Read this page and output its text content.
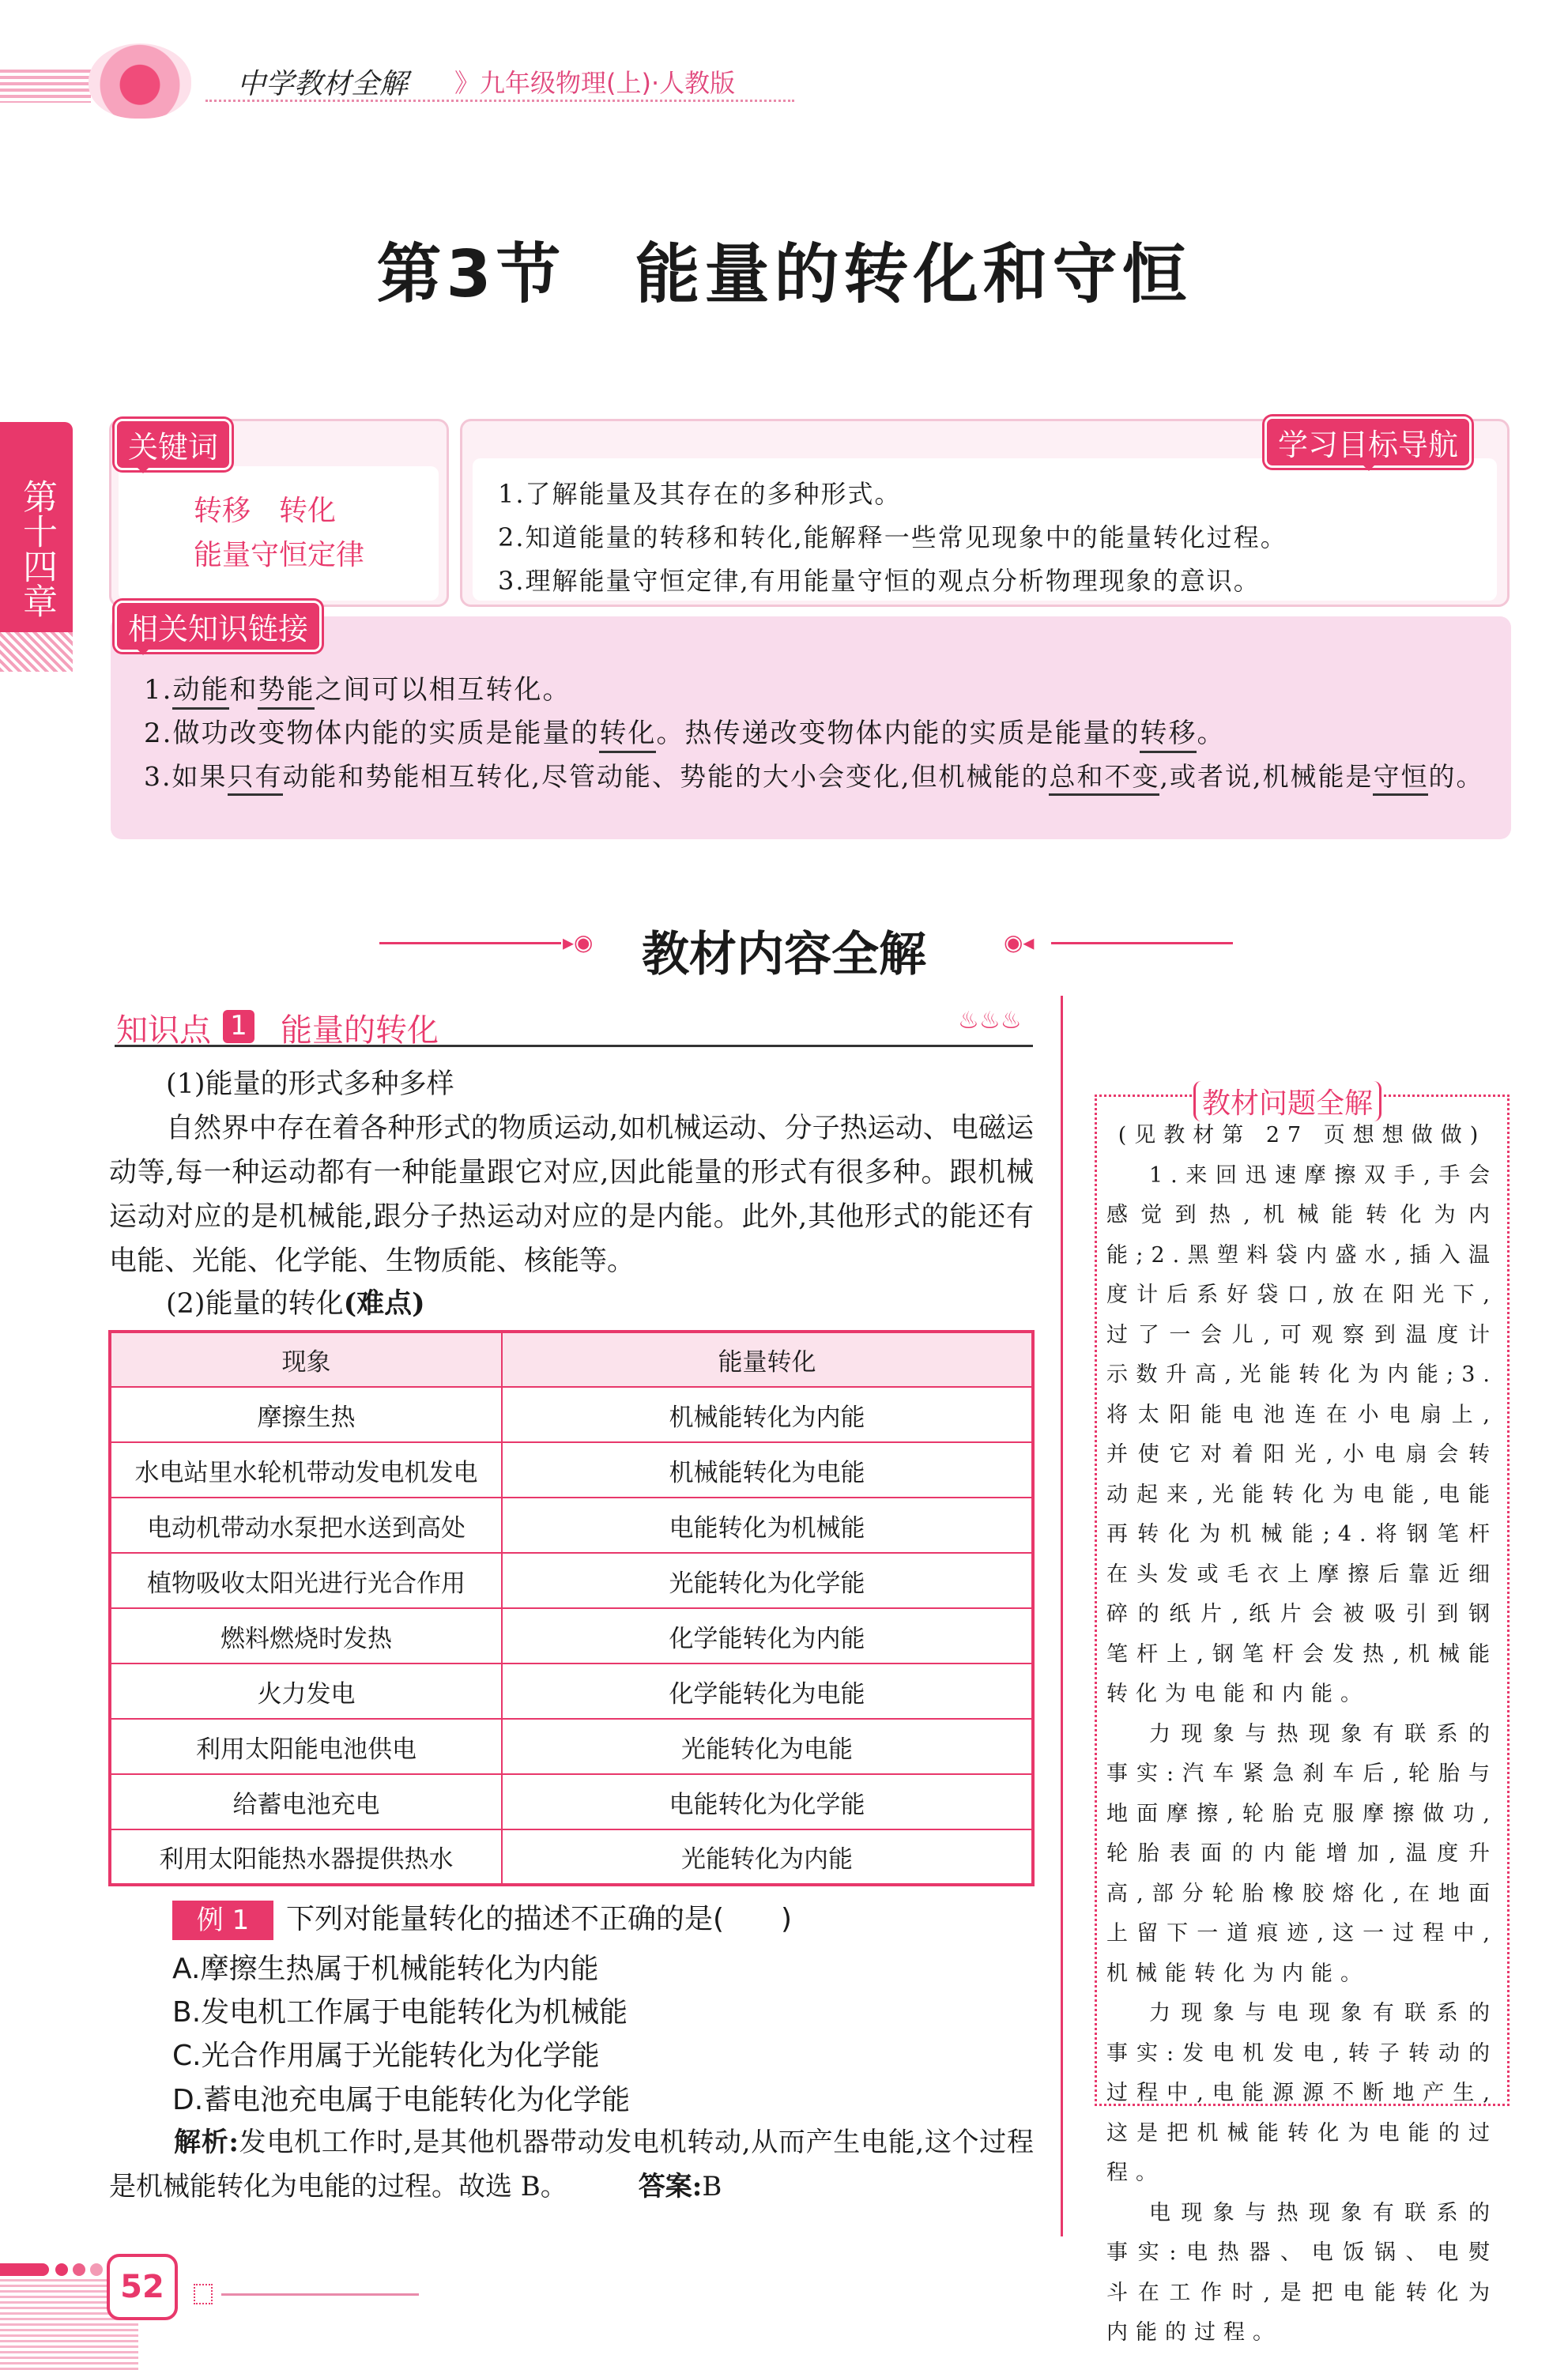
中学教材全解 》九年级物理(上)·人教版
第3节　能量的转化和守恒
第十四章
关键词
转移　转化
能量守恒定律
学习目标导航
1.了解能量及其存在的多种形式。
2.知道能量的转移和转化,能解释一些常见现象中的能量转化过程。
3.理解能量守恒定律,有用能量守恒的观点分析物理现象的意识。
相关知识链接
1.动能和势能之间可以相互转化。
2.做功改变物体内能的实质是能量的转化。热传递改变物体内能的实质是能量的转移。
3.如果只有动能和势能相互转化,尽管动能、势能的大小会变化,但机械能的总和不变,或者说,机械能是守恒的。
▸◉	教材内容全解	◉◂
知识点 1 能量的转化	♨♨♨
(1)能量的形式多种多样
自然界中存在着各种形式的物质运动,如机械运动、分子热运动、电磁运动等,每一种运动都有一种能量跟它对应,因此能量的形式有很多种。跟机械运动对应的是机械能,跟分子热运动对应的是内能。此外,其他形式的能还有电能、光能、化学能、生物质能、核能等。
(2)能量的转化(难点)
现象	能量转化
摩擦生热	机械能转化为内能
水电站里水轮机带动发电机发电	机械能转化为电能
电动机带动水泵把水送到高处	电能转化为机械能
植物吸收太阳光进行光合作用	光能转化为化学能
燃料燃烧时发热	化学能转化为内能
火力发电	化学能转化为电能
利用太阳能电池供电	光能转化为电能
给蓄电池充电	电能转化为化学能
利用太阳能热水器提供热水	光能转化为内能
例 1	下列对能量转化的描述不正确的是(　　)
A.摩擦生热属于机械能转化为内能
B.发电机工作属于电能转化为机械能
C.光合作用属于光能转化为化学能
D.蓄电池充电属于电能转化为化学能
解析:发电机工作时,是其他机器带动发电机转动,从而产生电能,这个过程是机械能转化为电能的过程。故选 B。	答案:B
教材问题全解

(见教材第 27 页想想做做)

1.来回迅速摩擦双手,手会感觉到热,机械能转化为内能;2.黑塑料袋内盛水,插入温度计后系好袋口,放在阳光下,过了一会儿,可观察到温度计示数升高,光能转化为内能;3.将太阳能电池连在小电扇上,并使它对着阳光,小电扇会转动起来,光能转化为电能,电能再转化为机械能;4.将钢笔杆在头发或毛衣上摩擦后靠近细碎的纸片,纸片会被吸引到钢笔杆上,钢笔杆会发热,机械能转化为电能和内能。

力现象与热现象有联系的事实:汽车紧急刹车后,轮胎与地面摩擦,轮胎克服摩擦做功,轮胎表面的内能增加,温度升高,部分轮胎橡胶熔化,在地面上留下一道痕迹,这一过程中,机械能转化为内能。

力现象与电现象有联系的事实:发电机发电,转子转动的过程中,电能源源不断地产生,这是把机械能转化为电能的过程。

电现象与热现象有联系的事实:电热器、电饭锅、电熨斗在工作时,是把电能转化为内能的过程。

52
